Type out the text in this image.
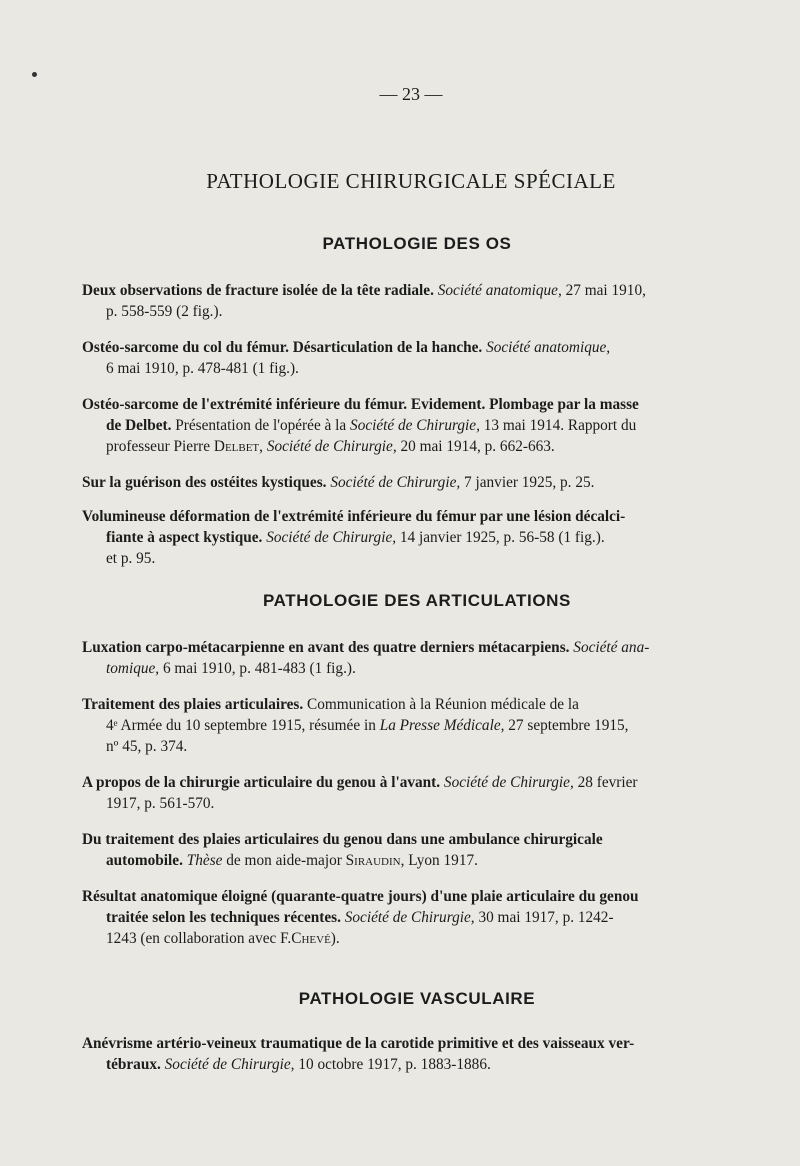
— 23 —
PATHOLOGIE CHIRURGICALE SPÉCIALE
PATHOLOGIE DES OS
Deux observations de fracture isolée de la tête radiale. Société anatomique, 27 mai 1910,
p. 558-559 (2 fig.).
Ostéo-sarcome du col du fémur. Désarticulation de la hanche. Société anatomique,
6 mai 1910, p. 478-481 (1 fig.).
Ostéo-sarcome de l'extrémité inférieure du fémur. Evidement. Plombage par la masse
de Delbet. Présentation de l'opérée à la Société de Chirurgie, 13 mai 1914. Rapport du
professeur Pierre Delbet, Société de Chirurgie, 20 mai 1914, p. 662-663.
Sur la guérison des ostéites kystiques. Société de Chirurgie, 7 janvier 1925, p. 25.
Volumineuse déformation de l'extrémité inférieure du fémur par une lésion décalci-
fiante à aspect kystique. Société de Chirurgie, 14 janvier 1925, p. 56-58 (1 fig.).
et p. 95.
PATHOLOGIE DES ARTICULATIONS
Luxation carpo-métacarpienne en avant des quatre derniers métacarpiens. Société ana-
tomique, 6 mai 1910, p. 481-483 (1 fig.).
Traitement des plaies articulaires. Communication à la Réunion médicale de la
4ᵉ Armée du 10 septembre 1915, résumée in La Presse Médicale, 27 septembre 1915,
nº 45, p. 374.
A propos de la chirurgie articulaire du genou à l'avant. Société de Chirurgie, 28 fevrier
1917, p. 561-570.
Du traitement des plaies articulaires du genou dans une ambulance chirurgicale
automobile. Thèse de mon aide-major Siraudin, Lyon 1917.
Résultat anatomique éloigné (quarante-quatre jours) d'une plaie articulaire du genou
traitée selon les techniques récentes. Société de Chirurgie, 30 mai 1917, p. 1242-
1243 (en collaboration avec F.Chevé).
PATHOLOGIE VASCULAIRE
Anévrisme artério-veineux traumatique de la carotide primitive et des vaisseaux ver-
tébraux. Société de Chirurgie, 10 octobre 1917, p. 1883-1886.
